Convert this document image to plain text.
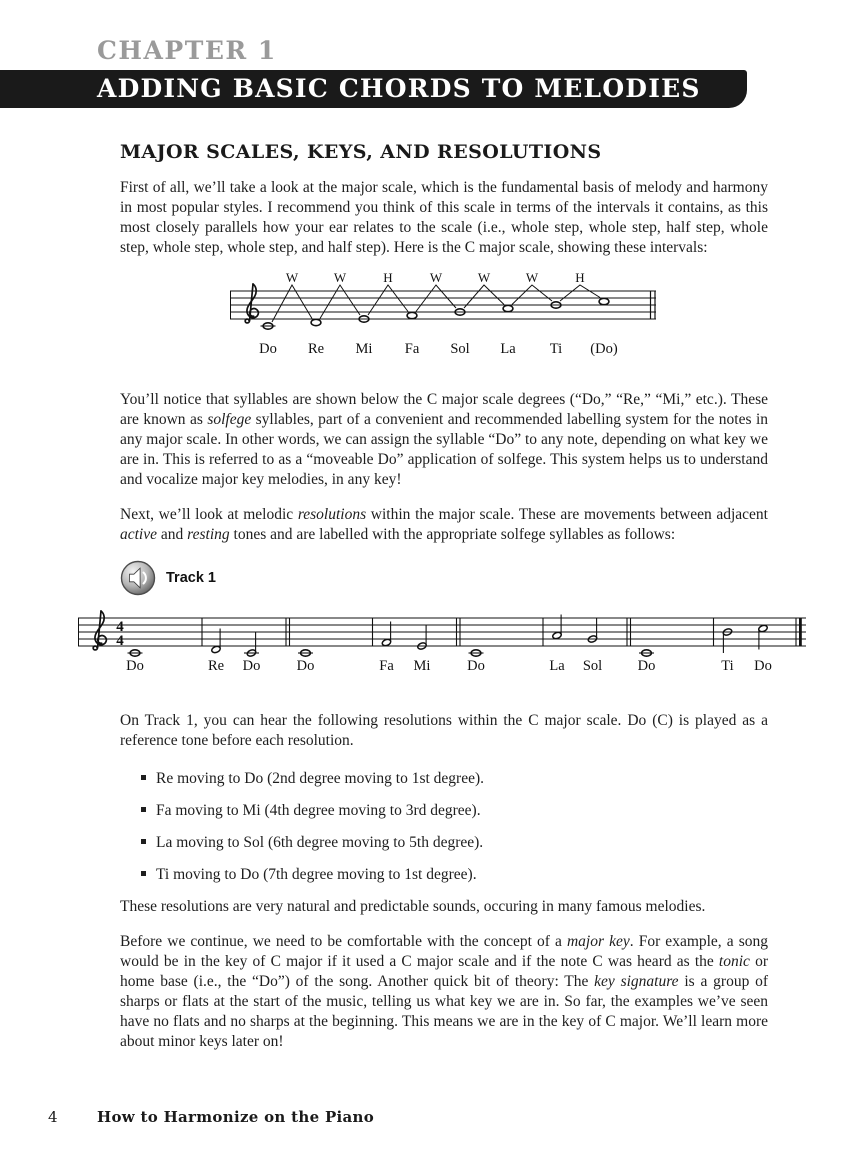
CHAPTER 1
ADDING BASIC CHORDS TO MELODIES
MAJOR SCALES, KEYS, AND RESOLUTIONS

First of all, we’ll take a look at the major scale, which is the fundamental basis of melody and harmony in most popular styles. I recommend you think of this scale in terms of the intervals it contains, as this most closely parallels how your ear relates to the scale (i.e., whole step, whole step, half step, whole step, whole step, whole step, and half step). Here is the C major scale, showing these intervals:

Do Re Mi Fa Sol La Ti (Do)
W	W	H	W	W	W	H

You’ll notice that syllables are shown below the C major scale degrees (“Do,” “Re,” “Mi,” etc.). These are known as solfege syllables, part of a convenient and recommended labelling system for the notes in any major scale. In other words, we can assign the syllable “Do” to any note, depending on what key we are in. This is referred to as a “moveable Do” application of solfege. This system helps us to understand and vocalize major key melodies, in any key!

Next, we’ll look at melodic resolutions within the major scale. These are movements between adjacent active and resting tones and are labelled with the appropriate solfege syllables as follows:

Track 1
4
4
Do	Re Do	Do	Fa Mi	Do	La Sol Do	Ti Do

On Track 1, you can hear the following resolutions within the C major scale. Do (C) is played as a reference tone before each resolution.

Re moving to Do (2nd degree moving to 1st degree).
Fa moving to Mi (4th degree moving to 3rd degree).
La moving to Sol (6th degree moving to 5th degree).
Ti moving to Do (7th degree moving to 1st degree).

These resolutions are very natural and predictable sounds, occuring in many famous melodies.

Before we continue, we need to be comfortable with the concept of a major key. For example, a song would be in the key of C major if it used a C major scale and if the note C was heard as the tonic or home base (i.e., the “Do”) of the song. Another quick bit of theory: The key signature is a group of sharps or flats at the start of the music, telling us what key we are in. So far, the examples we’ve seen have no flats and no sharps at the beginning. This means we are in the key of C major. We’ll learn more about minor keys later on!

4	How to Harmonize on the Piano
